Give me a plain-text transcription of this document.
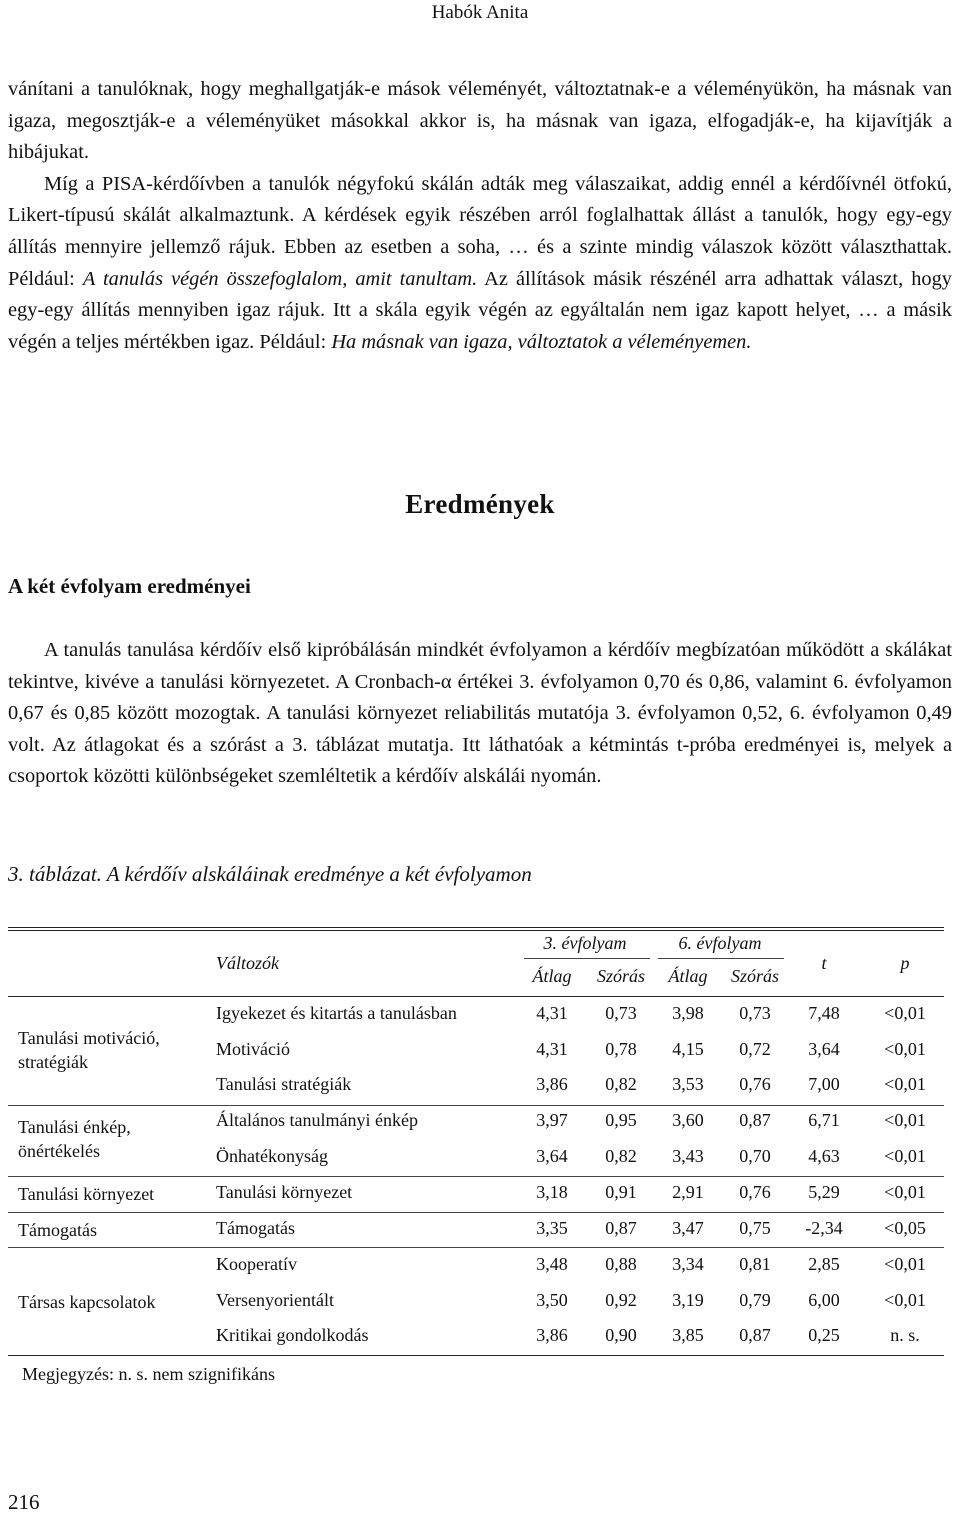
Habók Anita

vánítani a tanulóknak, hogy meghallgatják-e mások véleményét, változtatnak-e a véleményükön, ha másnak van igaza, megosztják-e a véleményüket másokkal akkor is, ha másnak van igaza, elfogadják-e, ha kijavítják a hibájukat.
Míg a PISA-kérdőívben a tanulók négyfokú skálán adták meg válaszaikat, addig ennél a kérdőívnél ötfokú, Likert-típusú skálát alkalmaztunk. A kérdések egyik részében arról foglalhattak állást a tanulók, hogy egy-egy állítás mennyire jellemző rájuk. Ebben az esetben a soha, … és a szinte mindig válaszok között választhattak. Például: A tanulás végén összefoglalom, amit tanultam. Az állítások másik részénél arra adhattak választ, hogy egy-egy állítás mennyiben igaz rájuk. Itt a skála egyik végén az egyáltalán nem igaz kapott helyet, … a másik végén a teljes mértékben igaz. Például: Ha másnak van igaza, változtatok a véleményemen.

Eredmények
A két évfolyam eredményei

A tanulás tanulása kérdőív első kipróbálásán mindkét évfolyamon a kérdőív megbízatóan működött a skálákat tekintve, kivéve a tanulási környezetet. A Cronbach-α értékei 3. évfolyamon 0,70 és 0,86, valamint 6. évfolyamon 0,67 és 0,85 között mozogtak. A tanulási környezet reliabilitás mutatója 3. évfolyamon 0,52, 6. évfolyamon 0,49 volt. Az átlagokat és a szórást a 3. táblázat mutatja. Itt láthatóak a kétmintás t-próba eredményei is, melyek a csoportok közötti különbségeket szemléltetik a kérdőív alskálái nyomán.

3. táblázat. A kérdőív alskáláinak eredménye a két évfolyamon
Változók
3. évfolyam	6. évfolyam
Átlag	Szórás	Átlag	Szórás
t	p
Tanulási motiváció,
stratégiák
Igyekezet és kitartás a tanulásban	4,31	0,73	3,98	0,73	7,48	<0,01
Motiváció	4,31	0,78	4,15	0,72	3,64	<0,01
Tanulási stratégiák	3,86	0,82	3,53	0,76	7,00	<0,01
Tanulási énkép,
önértékelés
Általános tanulmányi énkép	3,97	0,95	3,60	0,87	6,71	<0,01
Önhatékonyság	3,64	0,82	3,43	0,70	4,63	<0,01
Tanulási környezet	Tanulási környezet	3,18	0,91	2,91	0,76	5,29	<0,01
Támogatás	Támogatás	3,35	0,87	3,47	0,75	-2,34	<0,05
Társas kapcsolatok
Kooperatív	3,48	0,88	3,34	0,81	2,85	<0,01
Versenyorientált	3,50	0,92	3,19	0,79	6,00	<0,01
Kritikai gondolkodás	3,86	0,90	3,85	0,87	0,25	n. s.
Megjegyzés: n. s. nem szignifikáns
216
